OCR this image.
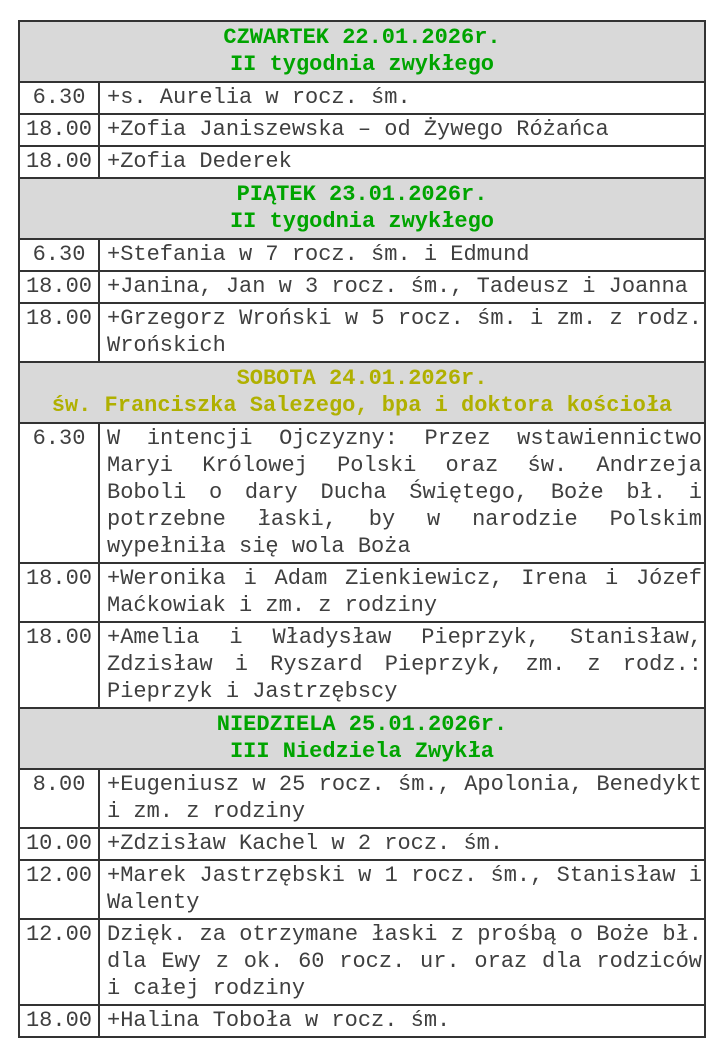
CZWARTEK 22.01.2026r.
II tygodnia zwykłego	

6.30	+s. Aurelia w rocz. śm.
18.00	+Zofia Janiszewska – od Żywego Różańca
18.00	+Zofia Dederek

PIĄTEK 23.01.2026r.
II tygodnia zwykłego	

6.30	+Stefania w 7 rocz. śm. i Edmund
18.00	+Janina, Jan w 3 rocz. śm., Tadeusz i Joanna
18.00	+Grzegorz Wroński w 5 rocz. śm. i zm. z rodz. Wrońskich

SOBOTA 24.01.2026r.
św. Franciszka Salezego, bpa i doktora kościoła	

6.30	W intencji Ojczyzny: Przez wstawiennictwo Maryi Królowej Polski oraz św. Andrzeja Boboli o dary Ducha Świętego, Boże bł. i potrzebne łaski, by w narodzie Polskim wypełniła się wola Boża
18.00	+Weronika i Adam Zienkiewicz, Irena i Józef Maćkowiak i zm. z rodziny
18.00	+Amelia i Władysław Pieprzyk, Stanisław, Zdzisław i Ryszard Pieprzyk, zm. z rodz.: Pieprzyk i Jastrzębscy

NIEDZIELA 25.01.2026r.
III Niedziela Zwykła	

8.00	+Eugeniusz w 25 rocz. śm., Apolonia, Benedykt i zm. z rodziny
10.00	+Zdzisław Kachel w 2 rocz. śm.
12.00	+Marek Jastrzębski w 1 rocz. śm., Stanisław i Walenty
12.00	Dzięk. za otrzymane łaski z prośbą o Boże bł. dla Ewy z ok. 60 rocz. ur. oraz dla rodziców i całej rodziny
18.00	+Halina Toboła w rocz. śm.
